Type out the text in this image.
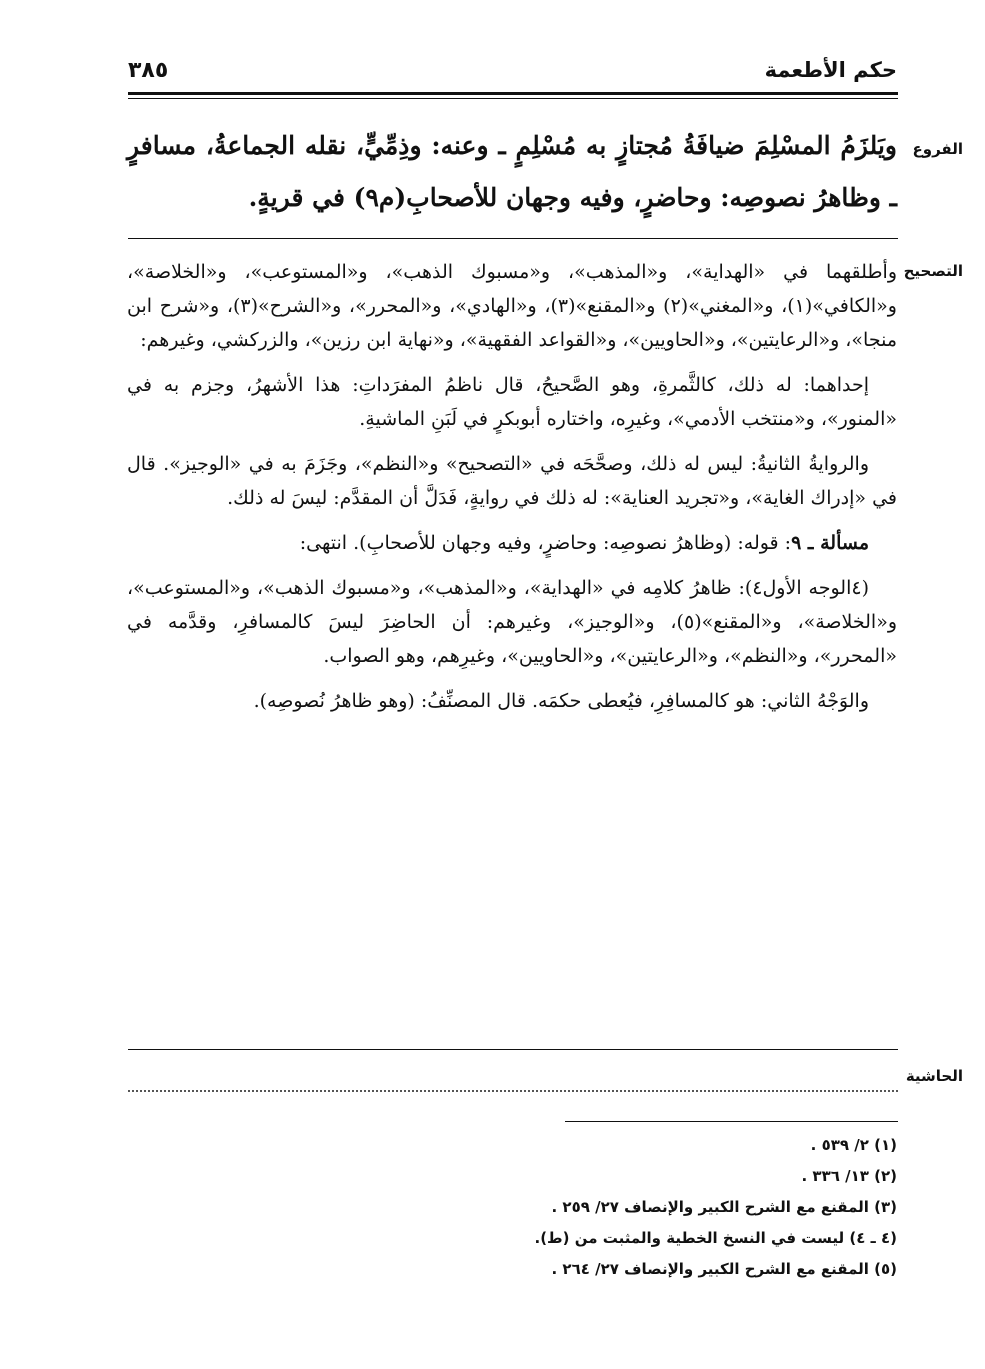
حكم الأطعمة
٣٨٥
الفروع
التصحيح
الحاشية
ويَلزَمُ المسْلِمَ ضيافَةُ مُجتازٍ به مُسْلِمٍ ـ وعنه: وذِمِّيٍّ، نقله الجماعةُ، مسافرٍ ـ وظاهرُ نصوصِه: وحاضرٍ، وفيه وجهان للأصحابِ(م٩) في قريةٍ.

وأطلقهما في «الهداية»، و«المذهب»، و«مسبوك الذهب»، و«المستوعب»، و«الخلاصة»، و«الكافي»(١)، و«المغني»(٢) و«المقنع»(٣)، و«الهادي»، و«المحرر»، و«الشرح»(٣)، و«شرح ابن منجا»، و«الرعايتين»، و«الحاويين»، و«القواعد الفقهية»، و«نهاية ابن رزين»، والزركشي، وغيرهم:

إحداهما: له ذلك، كالثَّمرةِ، وهو الصَّحيحُ، قال ناظمُ المفرَداتِ: هذا الأشهرُ، وجزم به في «المنور»، و«منتخب الأدمي»، وغيرِه، واختاره أبوبكرٍ في لَبَنِ الماشيةِ.

والروايةُ الثانيةُ: ليس له ذلك، وصحَّحَه في «التصحيح» و«النظم»، وجَزَمَ به في «الوجيز». قال في «إدراك الغاية»، و«تجريد العناية»: له ذلك في روايةٍ، فَدَلَّ أن المقدَّم: ليسَ له ذلك.

مسألة ـ ٩: قوله: (وظاهرُ نصوصِه: وحاضرٍ، وفيه وجهان للأصحابِ). انتهى:

(٤الوجه الأول٤): ظاهرُ كلامِه في «الهداية»، و«المذهب»، و«مسبوك الذهب»، و«المستوعب»، و«الخلاصة»، و«المقنع»(٥)، و«الوجيز»، وغيرهم: أن الحاضِرَ ليسَ كالمسافرِ، وقدَّمه في «المحرر»، و«النظم»، و«الرعايتين»، و«الحاويين»، وغيرِهم، وهو الصواب.

والوَجْهُ الثاني: هو كالمسافِرِ، فيُعطى حكمَه. قال المصنِّفُ: (وهو ظاهرُ نُصوصِه).

(١) ٢/ ٥٣٩ .
(٢) ١٣/ ٣٣٦ .
(٣) المقنع مع الشرح الكبير والإنصاف ٢٧/ ٢٥٩ .
(٤ ـ ٤) ليست في النسخ الخطية والمثبت من (ط).
(٥) المقنع مع الشرح الكبير والإنصاف ٢٧/ ٢٦٤ .
